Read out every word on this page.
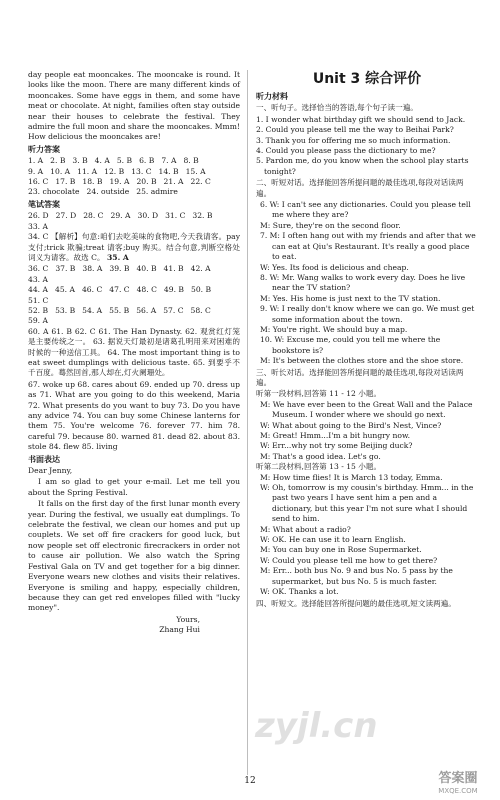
day people eat mooncakes. The mooncake is round. It looks like the moon. There are many different kinds of mooncakes. Some have eggs in them, and some have meat or chocolate. At night, families often stay outside near their houses to celebrate the festival. They admire the full moon and share the mooncakes. Mmm! How delicious the mooncakes are!

听力答案
1. A 2. B 3. B 4. A 5. B 6. B 7. A 8. B
9. A 10. A 11. A 12. B 13. C 14. B 15. A
16. C 17. B 18. B 19. A 20. B 21. A 22. C
23. chocolate 24. outside 25. admire
笔试答案
26. D 27. D 28. C 29. A 30. D 31. C 32. B
33. A

34. C 【解析】句意:咱们去吃美味的食物吧,今天我请客。pay 支付;trick 欺骗;treat 请客;buy 购买。结合句意,判断空格处词义为请客。故选 C。 35. A

36. C 37. B 38. A 39. B 40. B 41. B 42. A
43. A
44. A 45. A 46. C 47. C 48. C 49. B 50. B
51. C
52. B 53. B 54. A 55. B 56. A 57. C 58. C
59. A

60. A 61. B 62. C 61. The Han Dynasty. 62. 观赏红灯笼是主要传统之一。 63. 据说天灯最初是诸葛孔明用来对困难的时候的一种送信工具。 64. The most important thing is to eat sweet dumplings with delicious taste. 65. 到要乎不千百度。蓦然回首,那人却在,灯火阑珊处。

67. woke up 68. cares about 69. ended up 70. dress up as 71. What are you going to do this weekend, Maria 72. What presents do you want to buy 73. Do you have any advice 74. You can buy some Chinese lanterns for them 75. You're welcome 76. forever 77. him 78. careful 79. because 80. warned 81. dead 82. about 83. stole 84. flew 85. living

书面表达

Dear Jenny,

I am so glad to get your e-mail. Let me tell you about the Spring Festival.

It falls on the first day of the first lunar month every year. During the festival, we usually eat dumplings. To celebrate the festival, we clean our homes and put up couplets. We set off fire crackers for good luck, but now people set off electronic firecrackers in order not to cause air pollution. We also watch the Spring Festival Gala on TV and get together for a big dinner. Everyone wears new clothes and visits their relatives. Everyone is smiling and happy, especially children, because they can get red envelopes filled with "lucky money".

Yours,

Zhang Hui

Unit 3 综合评价
听力材料
一、听句子。选择恰当的答语,每个句子读一遍。

1. I wonder what birthday gift we should send to Jack.

2. Could you please tell me the way to Beihai Park?

3. Thank you for offering me so much information.

4. Could you please pass the dictionary to me?

5. Pardon me, do you know when the school play starts tonight?

二、听短对话。选择能回答所提问题的最佳选项,每段对话读两遍。

6. W: I can't see any dictionaries. Could you please tell me where they are?

M: Sure, they're on the second floor.

7. M: I often hang out with my friends and after that we can eat at Qiu's Restaurant. It's really a good place to eat.

W: Yes. Its food is delicious and cheap.

8. W: Mr. Wang walks to work every day. Does he live near the TV station?

M: Yes. His home is just next to the TV station.

9. W: I really don't know where we can go. We must get some information about the town.

M: You're right. We should buy a map.

10. W: Excuse me, could you tell me where the bookstore is?

M: It's between the clothes store and the shoe store.

三、听长对话。选择能回答所提问题的最佳选项,每段对话读两遍。

听第一段材料,回答第 11 - 12 小题。

M: We have ever been to the Great Wall and the Palace Museum. I wonder where we should go next.

W: What about going to the Bird's Nest, Vince?

M: Great! Hmm...I'm a bit hungry now.

W: Err...why not try some Beijing duck?

M: That's a good idea. Let's go.

听第二段材料,回答第 13 - 15 小题。

M: How time flies! It is March 13 today, Emma.

W: Oh, tomorrow is my cousin's birthday. Hmm... in the past two years I have sent him a pen and a dictionary, but this year I'm not sure what I should send to him.

M: What about a radio?

W: OK. He can use it to learn English.

M: You can buy one in Rose Supermarket.

W: Could you please tell me how to get there?

M: Err... both bus No. 9 and bus No. 5 pass by the supermarket, but bus No. 5 is much faster.

W: OK. Thanks a lot.

四、听短文。选择能回答所提问题的最佳选项,短文读两遍。
zyjl.cn
12	答案圈
MXQE.COM
